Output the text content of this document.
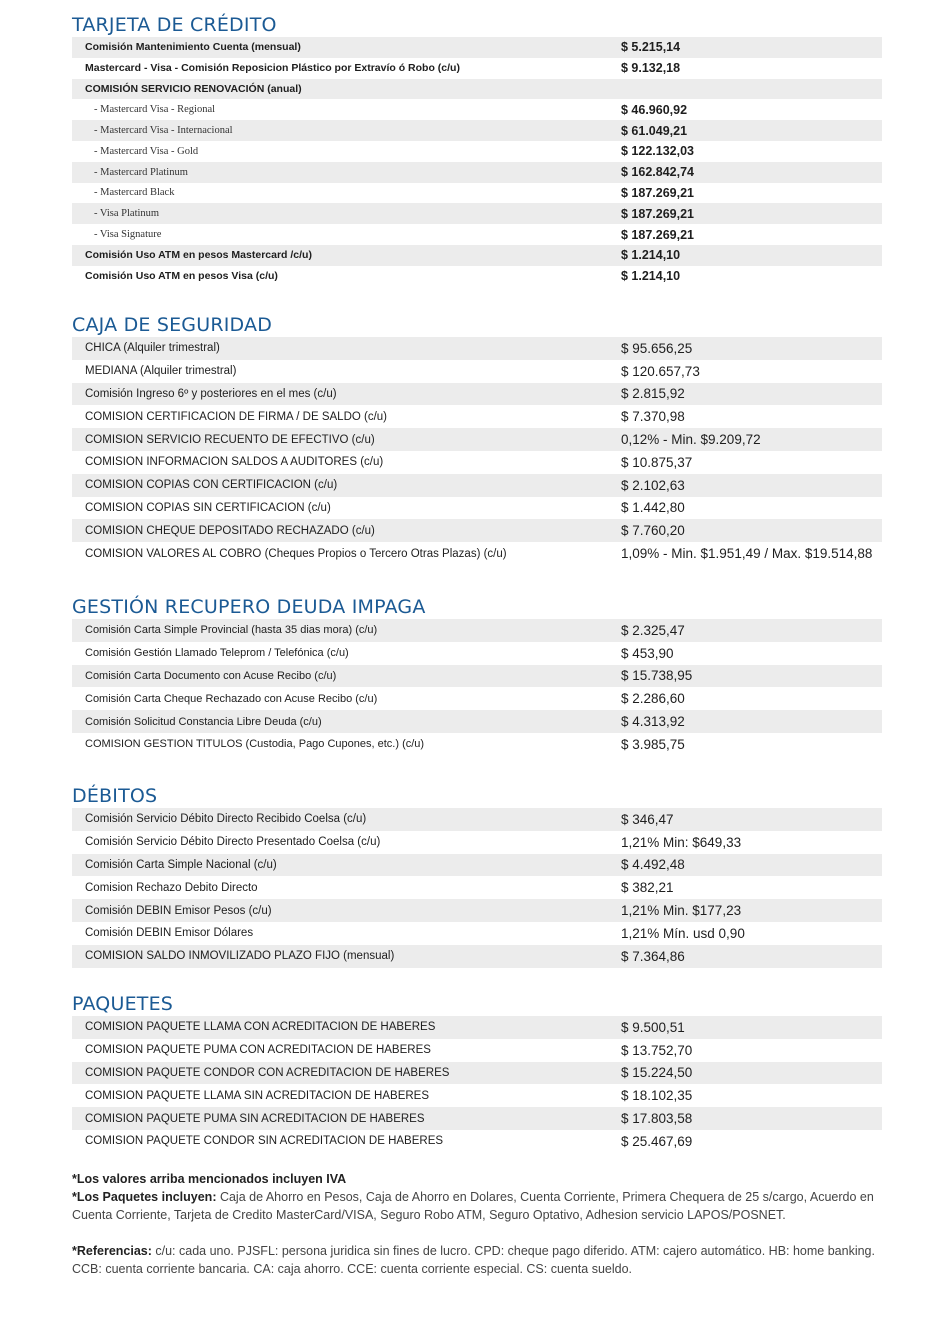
TARJETA DE CRÉDITO
Comisión Mantenimiento Cuenta (mensual)	$ 5.215,14
Mastercard - Visa - Comisión Reposicion Plástico por Extravío ó Robo (c/u)	$ 9.132,18
COMISIÓN SERVICIO RENOVACIÓN (anual)	
- Mastercard Visa - Regional	$ 46.960,92
- Mastercard Visa - Internacional	$ 61.049,21
- Mastercard Visa - Gold	$ 122.132,03
- Mastercard Platinum	$ 162.842,74
- Mastercard Black	$ 187.269,21
- Visa Platinum	$ 187.269,21
- Visa Signature	$ 187.269,21
Comisión Uso ATM en pesos Mastercard /c/u)	$ 1.214,10
Comisión Uso ATM en pesos Visa (c/u)	$ 1.214,10
CAJA DE SEGURIDAD
CHICA (Alquiler trimestral)	$ 95.656,25
MEDIANA (Alquiler trimestral)	$ 120.657,73
Comisión Ingreso 6º y posteriores en el mes (c/u)	$ 2.815,92
COMISION CERTIFICACION DE FIRMA / DE SALDO (c/u)	$ 7.370,98
COMISION SERVICIO RECUENTO DE EFECTIVO (c/u)	0,12% - Min. $9.209,72
COMISION INFORMACION SALDOS A AUDITORES (c/u)	$ 10.875,37
COMISION COPIAS CON CERTIFICACION (c/u)	$ 2.102,63
COMISION COPIAS SIN CERTIFICACION (c/u)	$ 1.442,80
COMISION CHEQUE DEPOSITADO RECHAZADO (c/u)	$ 7.760,20
COMISION VALORES AL COBRO (Cheques Propios o Tercero Otras Plazas) (c/u)	1,09% - Min. $1.951,49 / Max. $19.514,88
GESTIÓN RECUPERO DEUDA IMPAGA
Comisión Carta Simple Provincial (hasta 35 dias mora) (c/u)	$ 2.325,47
Comisión Gestión Llamado Teleprom / Telefónica (c/u)	$ 453,90
Comisión Carta Documento con Acuse Recibo (c/u)	$ 15.738,95
Comisión Carta Cheque Rechazado con Acuse Recibo (c/u)	$ 2.286,60
Comisión Solicitud Constancia Libre Deuda (c/u)	$ 4.313,92
COMISION GESTION TITULOS (Custodia, Pago Cupones, etc.) (c/u)	$ 3.985,75
DÉBITOS
Comisión Servicio Débito Directo Recibido Coelsa (c/u)	$ 346,47
Comisión Servicio Débito Directo Presentado Coelsa (c/u)	1,21% Min: $649,33
Comisión Carta Simple Nacional (c/u)	$ 4.492,48
Comision Rechazo Debito Directo	$ 382,21
Comisión DEBIN Emisor Pesos (c/u)	1,21% Min. $177,23
Comisión DEBIN Emisor Dólares	1,21% Mín. usd 0,90
COMISION SALDO INMOVILIZADO PLAZO FIJO (mensual)	$ 7.364,86
PAQUETES
COMISION PAQUETE LLAMA CON ACREDITACION DE HABERES	$ 9.500,51
COMISION PAQUETE PUMA CON ACREDITACION DE HABERES	$ 13.752,70
COMISION PAQUETE CONDOR CON ACREDITACION DE HABERES	$ 15.224,50
COMISION PAQUETE LLAMA SIN ACREDITACION DE HABERES	$ 18.102,35
COMISION PAQUETE PUMA SIN ACREDITACION DE HABERES	$ 17.803,58
COMISION PAQUETE CONDOR SIN ACREDITACION DE HABERES	$ 25.467,69

*Los valores arriba mencionados incluyen IVA

*Los Paquetes incluyen: Caja de Ahorro en Pesos, Caja de Ahorro en Dolares, Cuenta Corriente, Primera Chequera de 25 s/cargo, Acuerdo en Cuenta Corriente, Tarjeta de Credito MasterCard/VISA, Seguro Robo ATM, Seguro Optativo, Adhesion servicio LAPOS/POSNET.

*Referencias: c/u: cada uno. PJSFL: persona juridica sin fines de lucro. CPD: cheque pago diferido. ATM: cajero automático. HB: home banking. CCB: cuenta corriente bancaria. CA: caja ahorro. CCE: cuenta corriente especial. CS: cuenta sueldo.
